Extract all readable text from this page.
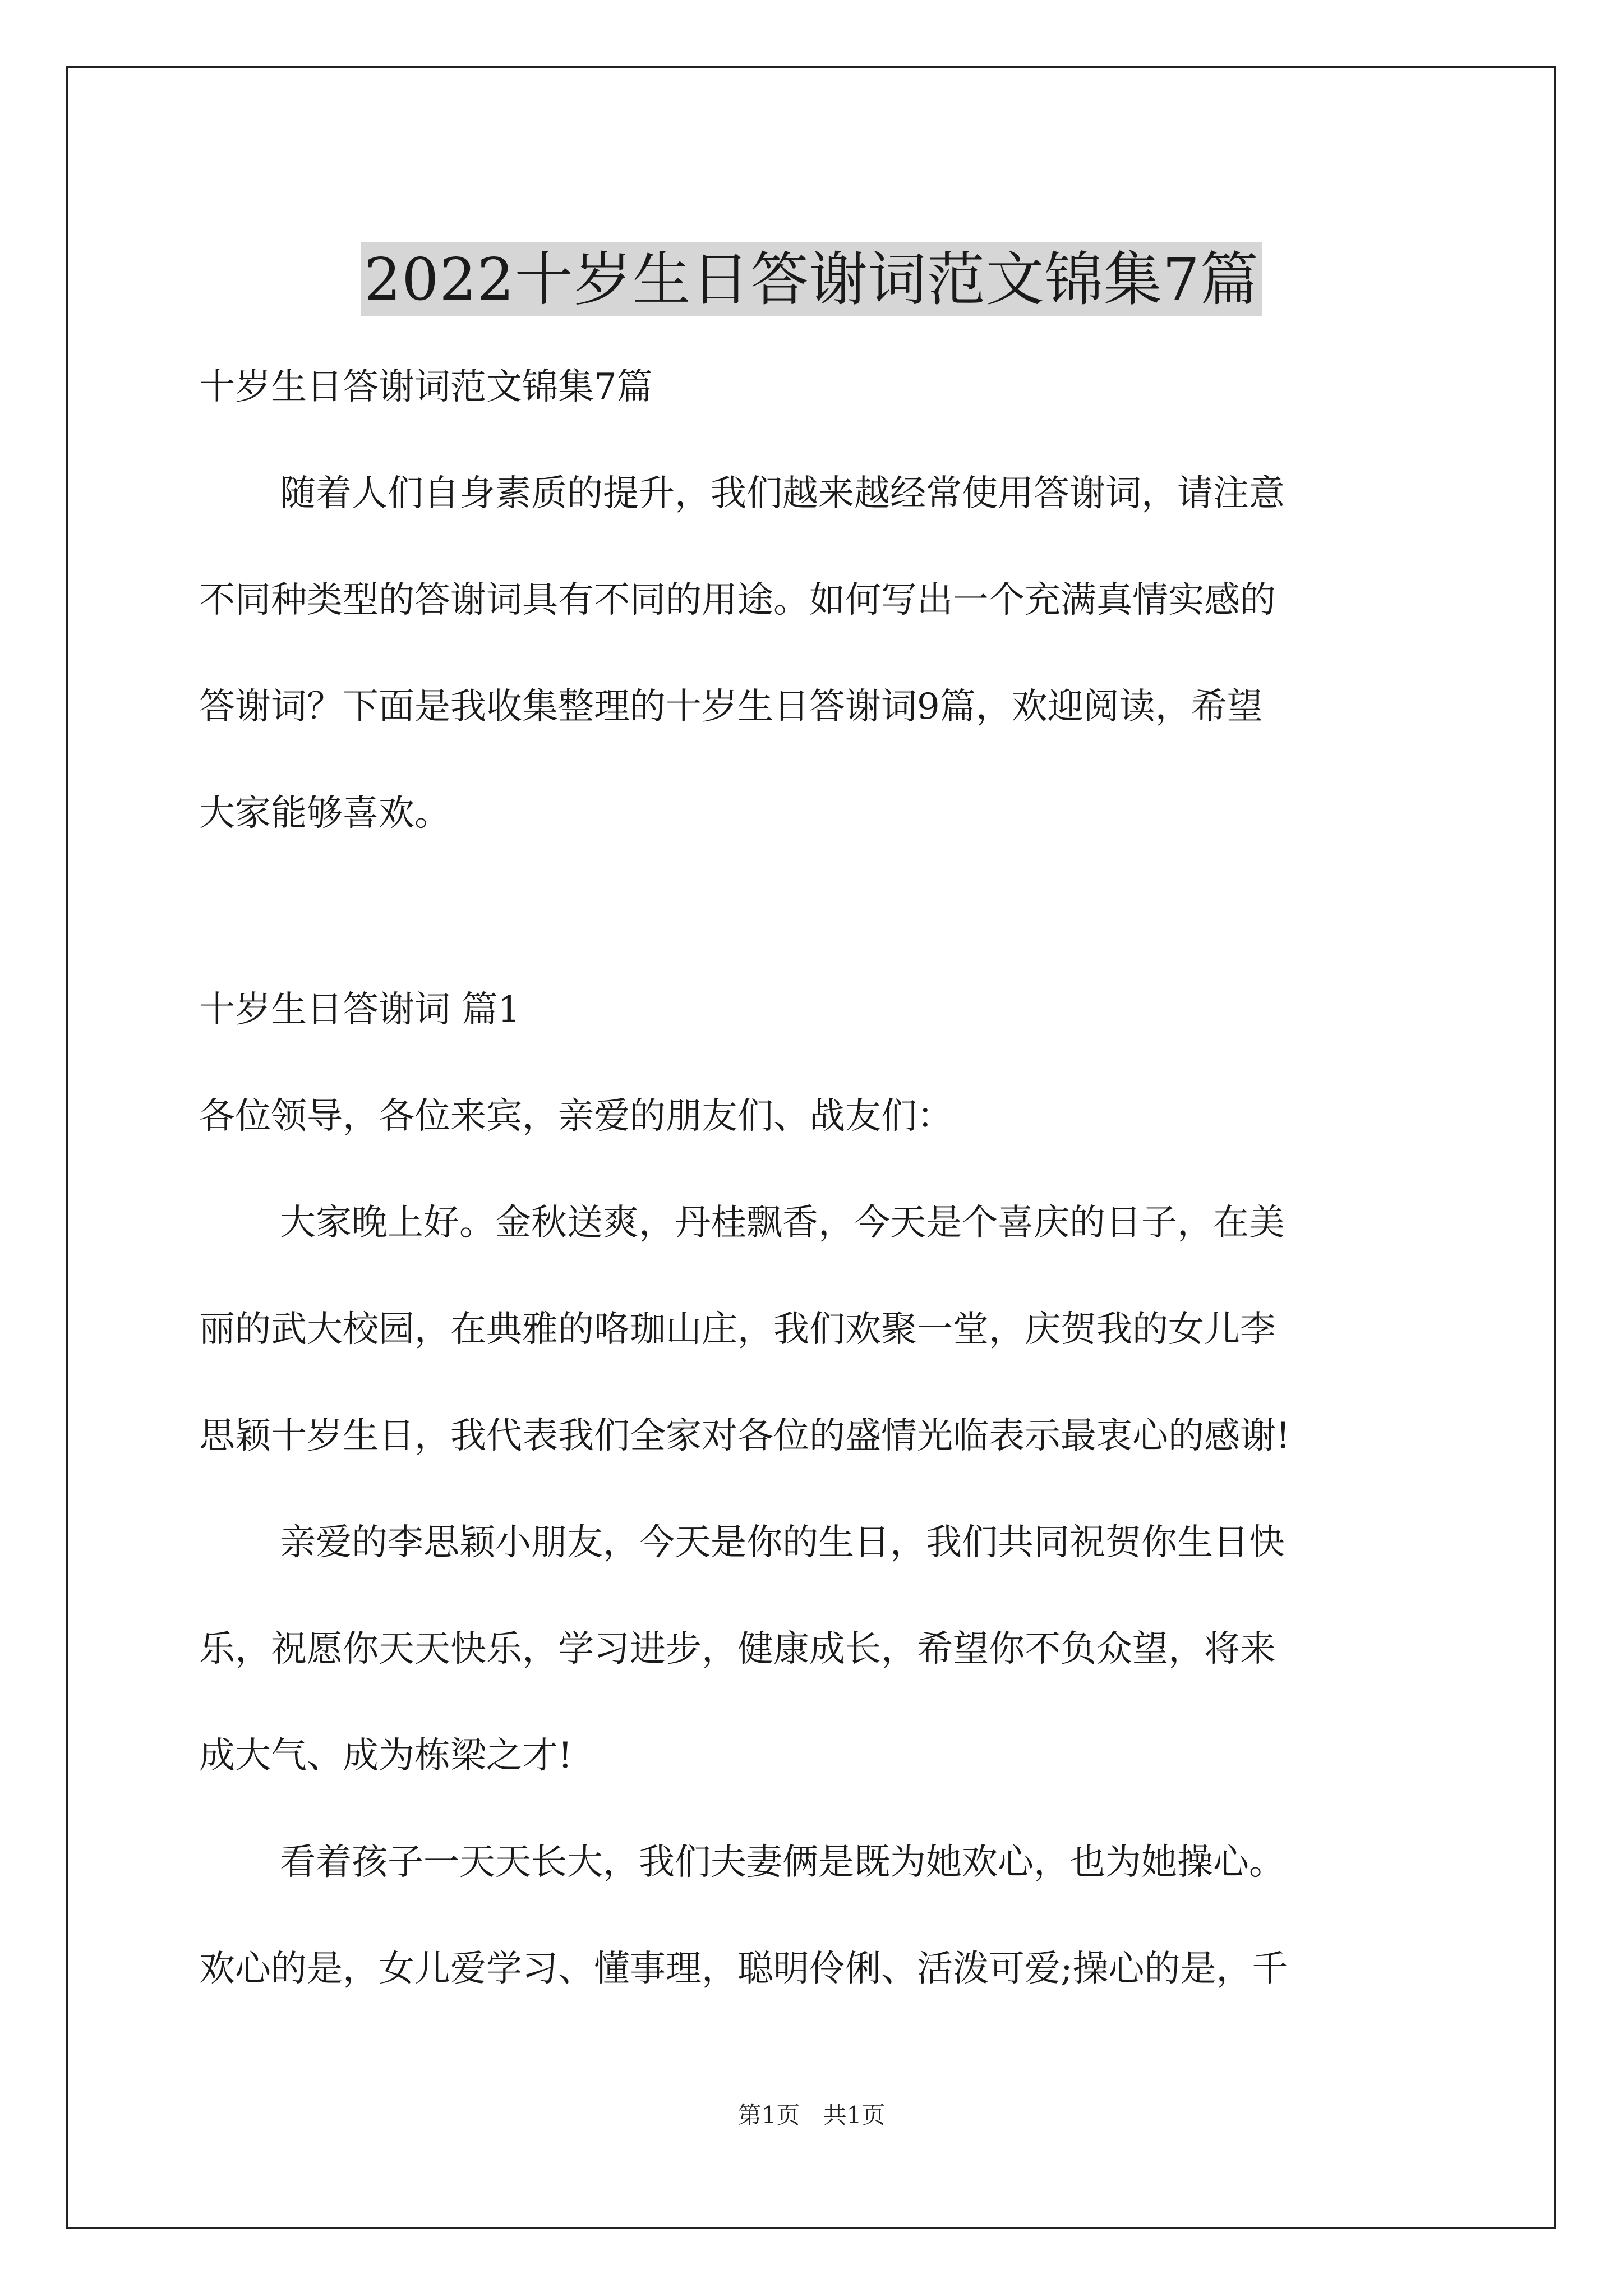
2022十岁生日答谢词范文锦集7篇

十岁生日答谢词范文锦集7篇

随着人们自身素质的提升，我们越来越经常使用答谢词，请注意

不同种类型的答谢词具有不同的用途。如何写出一个充满真情实感的

答谢词？下面是我收集整理的十岁生日答谢词9篇，欢迎阅读，希望

大家能够喜欢。

十岁生日答谢词 篇1

各位领导，各位来宾，亲爱的朋友们、战友们：

大家晚上好。金秋送爽，丹桂飘香，今天是个喜庆的日子，在美

丽的武大校园，在典雅的咯珈山庄，我们欢聚一堂，庆贺我的女儿李

思颖十岁生日，我代表我们全家对各位的盛情光临表示最衷心的感谢!

亲爱的李思颖小朋友，今天是你的生日，我们共同祝贺你生日快

乐，祝愿你天天快乐，学习进步，健康成长，希望你不负众望，将来

成大气、成为栋梁之才!

看着孩子一天天长大，我们夫妻俩是既为她欢心，也为她操心。

欢心的是，女儿爱学习、懂事理，聪明伶俐、活泼可爱;操心的是，千

第1页 共1页
